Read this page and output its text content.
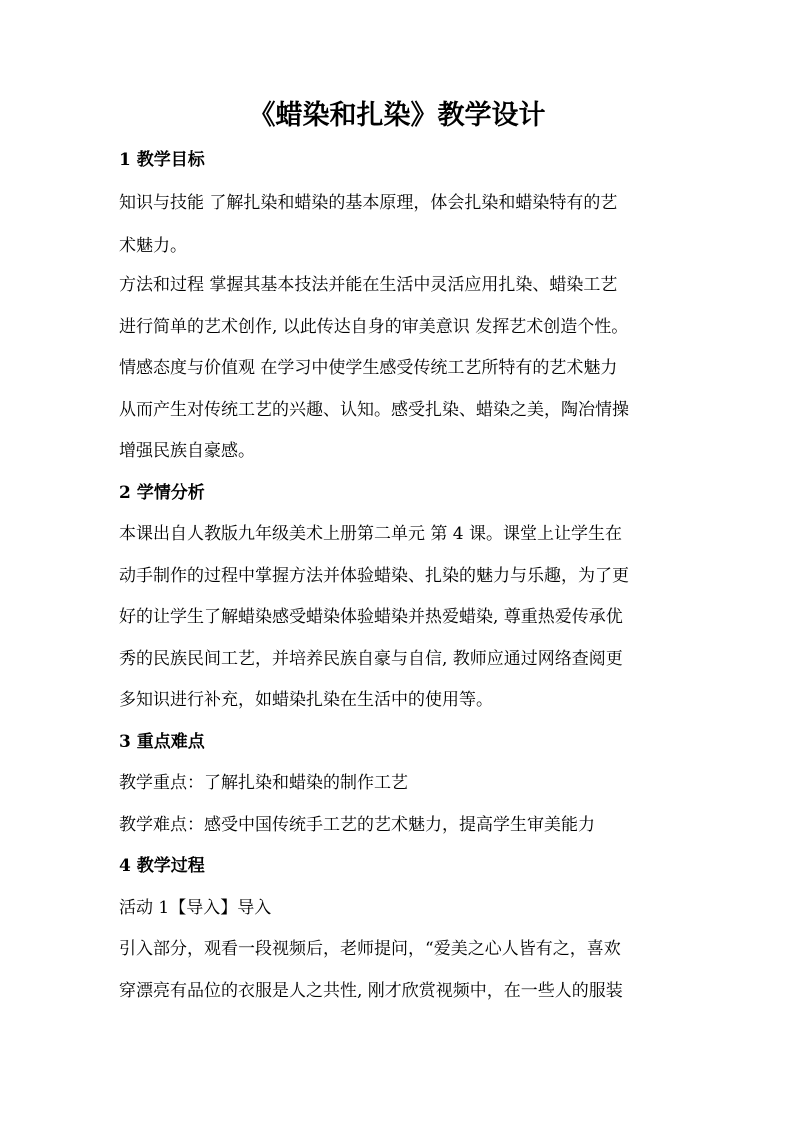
《蜡染和扎染》教学设计
1 教学目标

知识与技能 了解扎染和蜡染的基本原理，体会扎染和蜡染特有的艺

术魅力。

方法和过程 掌握其基本技法并能在生活中灵活应用扎染、蜡染工艺

进行简单的艺术创作, 以此传达自身的审美意识 发挥艺术创造个性。

情感态度与价值观 在学习中使学生感受传统工艺所特有的艺术魅力

从而产生对传统工艺的兴趣、认知。感受扎染、蜡染之美，陶冶情操

增强民族自豪感。

2 学情分析

本课出自人教版九年级美术上册第二单元 第 4 课。课堂上让学生在

动手制作的过程中掌握方法并体验蜡染、扎染的魅力与乐趣，为了更

好的让学生了解蜡染感受蜡染体验蜡染并热爱蜡染, 尊重热爱传承优

秀的民族民间工艺，并培养民族自豪与自信, 教师应通过网络查阅更

多知识进行补充，如蜡染扎染在生活中的使用等。

3 重点难点

教学重点：了解扎染和蜡染的制作工艺

教学难点：感受中国传统手工艺的艺术魅力，提高学生审美能力

4 教学过程

活动 1【导入】导入

引入部分，观看一段视频后，老师提问，“爱美之心人皆有之，喜欢

穿漂亮有品位的衣服是人之共性, 刚才欣赏视频中，在一些人的服装
